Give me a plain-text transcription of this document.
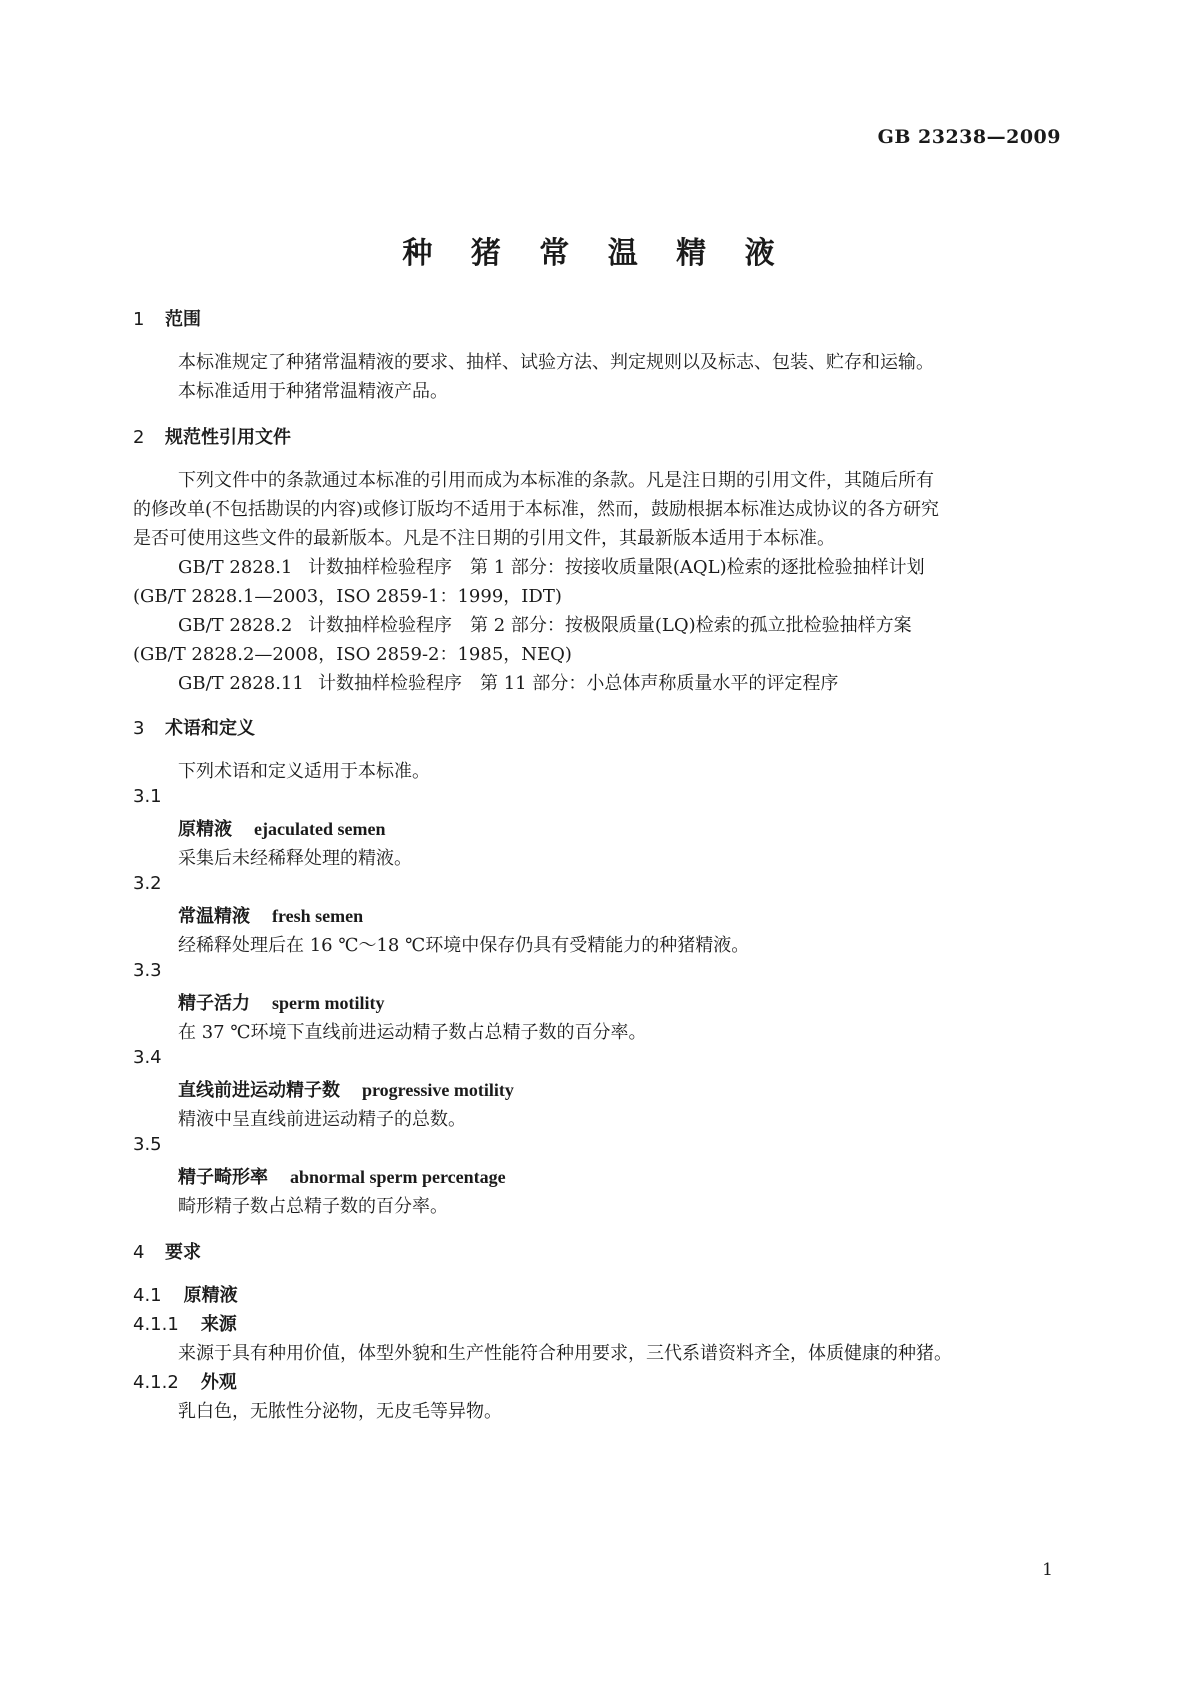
GB 23238—2009
种 猪 常 温 精 液
1 范围
本标准规定了种猪常温精液的要求、抽样、试验方法、判定规则以及标志、包装、贮存和运输。
本标准适用于种猪常温精液产品。
2 规范性引用文件
下列文件中的条款通过本标准的引用而成为本标准的条款。凡是注日期的引用文件，其随后所有
的修改单(不包括勘误的内容)或修订版均不适用于本标准，然而，鼓励根据本标准达成协议的各方研究
是否可使用这些文件的最新版本。凡是不注日期的引用文件，其最新版本适用于本标准。
GB/T 2828.1 计数抽样检验程序　第 1 部分：按接收质量限(AQL)检索的逐批检验抽样计划
(GB/T 2828.1—2003，ISO 2859-1：1999，IDT)
GB/T 2828.2 计数抽样检验程序　第 2 部分：按极限质量(LQ)检索的孤立批检验抽样方案
(GB/T 2828.2—2008，ISO 2859-2：1985，NEQ)
GB/T 2828.11 计数抽样检验程序　第 11 部分：小总体声称质量水平的评定程序
3 术语和定义
下列术语和定义适用于本标准。
3.1
原精液 ejaculated semen
采集后未经稀释处理的精液。
3.2
常温精液 fresh semen
经稀释处理后在 16 ℃～18 ℃环境中保存仍具有受精能力的种猪精液。
3.3
精子活力 sperm motility
在 37 ℃环境下直线前进运动精子数占总精子数的百分率。
3.4
直线前进运动精子数 progressive motility
精液中呈直线前进运动精子的总数。
3.5
精子畸形率 abnormal sperm percentage
畸形精子数占总精子数的百分率。
4 要求
4.1 原精液
4.1.1 来源
来源于具有种用价值，体型外貌和生产性能符合种用要求，三代系谱资料齐全，体质健康的种猪。
4.1.2 外观
乳白色，无脓性分泌物，无皮毛等异物。
1
